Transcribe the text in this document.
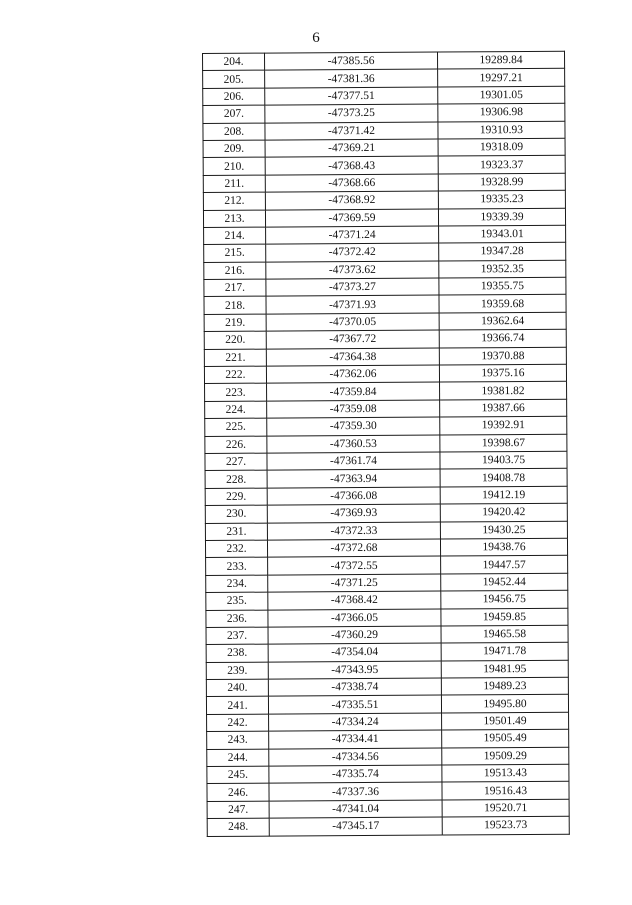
6
204.	-47385.56	19289.84
205.	-47381.36	19297.21
206.	-47377.51	19301.05
207.	-47373.25	19306.98
208.	-47371.42	19310.93
209.	-47369.21	19318.09
210.	-47368.43	19323.37
211.	-47368.66	19328.99
212.	-47368.92	19335.23
213.	-47369.59	19339.39
214.	-47371.24	19343.01
215.	-47372.42	19347.28
216.	-47373.62	19352.35
217.	-47373.27	19355.75
218.	-47371.93	19359.68
219.	-47370.05	19362.64
220.	-47367.72	19366.74
221.	-47364.38	19370.88
222.	-47362.06	19375.16
223.	-47359.84	19381.82
224.	-47359.08	19387.66
225.	-47359.30	19392.91
226.	-47360.53	19398.67
227.	-47361.74	19403.75
228.	-47363.94	19408.78
229.	-47366.08	19412.19
230.	-47369.93	19420.42
231.	-47372.33	19430.25
232.	-47372.68	19438.76
233.	-47372.55	19447.57
234.	-47371.25	19452.44
235.	-47368.42	19456.75
236.	-47366.05	19459.85
237.	-47360.29	19465.58
238.	-47354.04	19471.78
239.	-47343.95	19481.95
240.	-47338.74	19489.23
241.	-47335.51	19495.80
242.	-47334.24	19501.49
243.	-47334.41	19505.49
244.	-47334.56	19509.29
245.	-47335.74	19513.43
246.	-47337.36	19516.43
247.	-47341.04	19520.71
248.	-47345.17	19523.73
